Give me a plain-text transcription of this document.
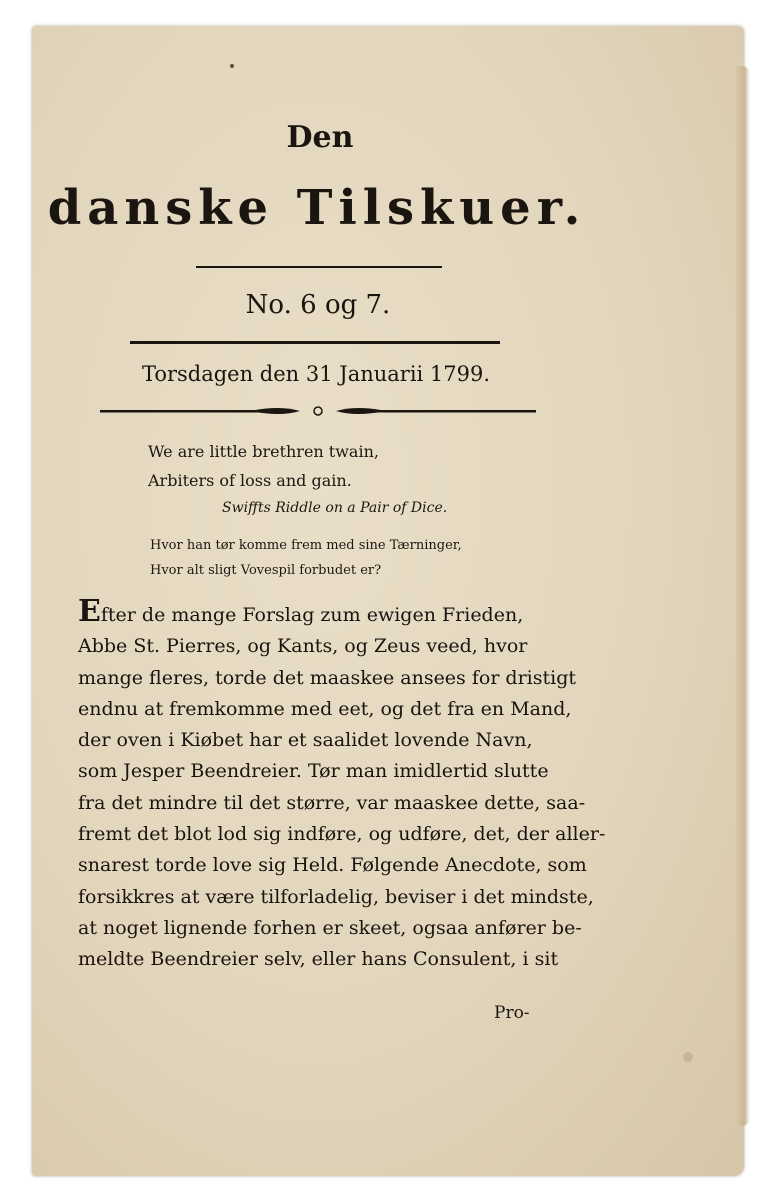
Den
danske Tilskuer.
No. 6 og 7.
Torsdagen den 31 Januarii 1799.
We are little brethren twain,
Arbiters of loss and gain.
Swiffts Riddle on a Pair of Dice.
Hvor han tør komme frem med sine Tærninger,
Hvor alt sligt Vovespil forbudet er?
Efter de mange Forslag zum ewigen Frieden,
Abbe St. Pierres, og Kants, og Zeus veed, hvor
mange fleres, torde det maaskee ansees for dristigt
endnu at fremkomme med eet, og det fra en Mand,
der oven i Kiøbet har et saalidet lovende Navn,
som Jesper Beendreier. Tør man imidlertid slutte
fra det mindre til det større, var maaskee dette, saa-
fremt det blot lod sig indføre, og udføre, det, der aller-
snarest torde love sig Held. Følgende Anecdote, som
forsikkres at være tilforladelig, beviser i det mindste,
at noget lignende forhen er skeet, ogsaa anfører be-
meldte Beendreier selv, eller hans Consulent, i sit
Pro-
